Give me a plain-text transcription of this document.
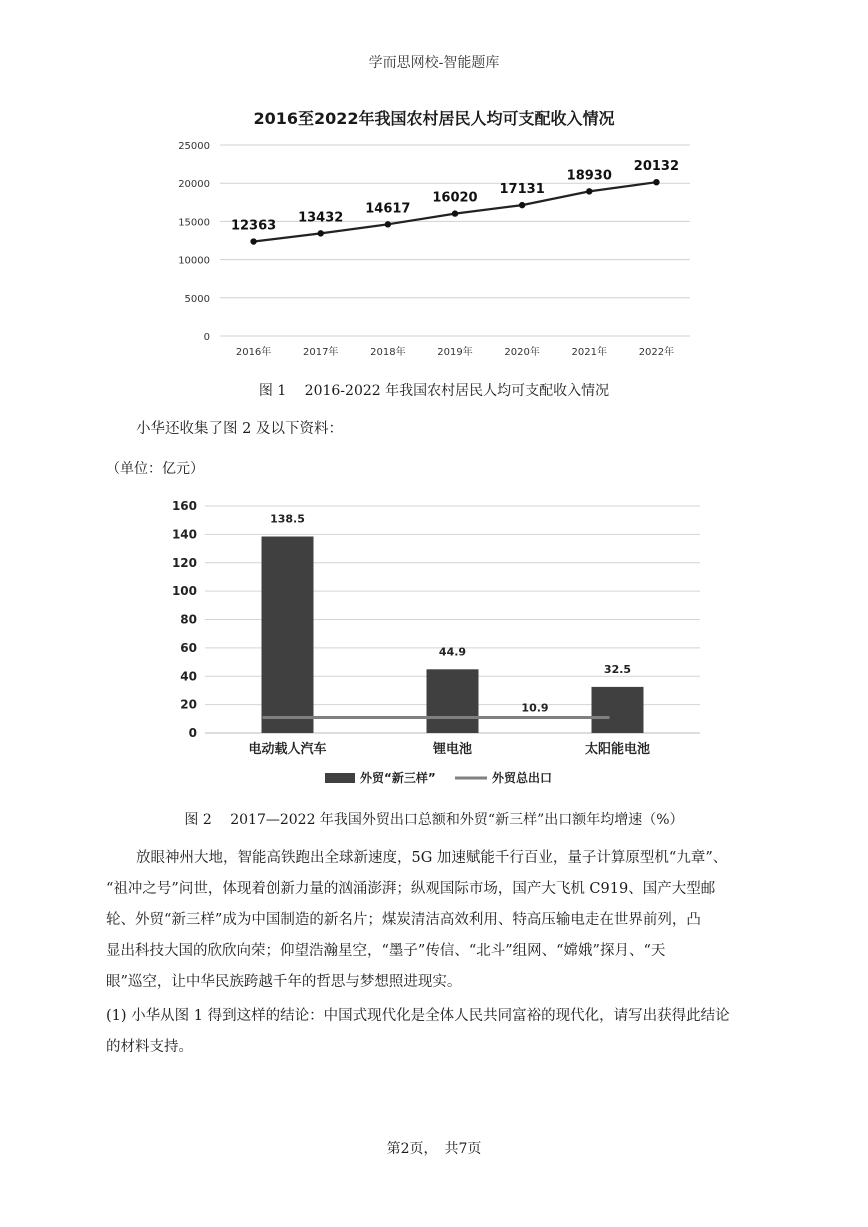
学而思网校-智能题库
2016至2022年我国农村居民人均可支配收入情况
0
5000
10000
15000
20000
25000
2016年	2017年	2018年	2019年	2020年	2021年	2022年
12363
13432
14617
16020
17131
18930
20132
图 1　 2016-2022 年我国农村居民人均可支配收入情况
小华还收集了图 2 及以下资料：
（单位：亿元）
0
20
40
60
80
100
120
140
160
138.5
44.9
32.5
10.9
电动载人汽车	锂电池	太阳能电池
外贸“新三样”	外贸总出口
图 2　 2017—2022 年我国外贸出口总额和外贸“新三样”出口额年均增速（%）
放眼神州大地，智能高铁跑出全球新速度，5G 加速赋能千行百业，量子计算原型机“九章”、
“祖冲之号”问世，体现着创新力量的汹涌澎湃；纵观国际市场，国产大飞机 C919、国产大型邮
轮、外贸“新三样”成为中国制造的新名片；煤炭清洁高效利用、特高压输电走在世界前列，凸
显出科技大国的欣欣向荣；仰望浩瀚星空，“墨子”传信、“北斗”组网、“嫦娥”探月、“天
眼”巡空，让中华民族跨越千年的哲思与梦想照进现实。
(1) 小华从图 1 得到这样的结论：中国式现代化是全体人民共同富裕的现代化，请写出获得此结论
的材料支持。
第2页，　共7页
